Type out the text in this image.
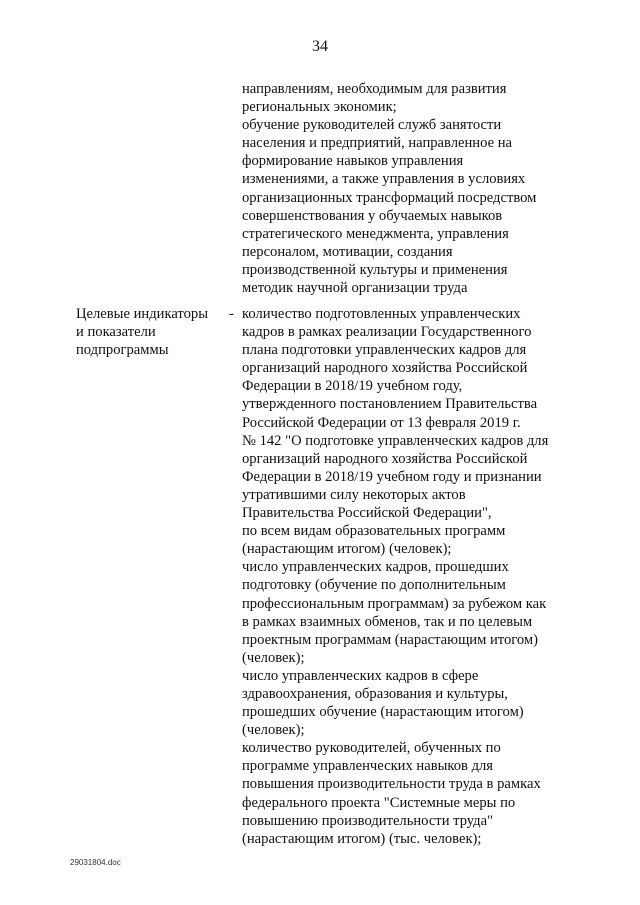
34
направлениям, необходимым для развития
региональных экономик;
обучение руководителей служб занятости
населения и предприятий, направленное на
формирование навыков управления
изменениями, а также управления в условиях
организационных трансформаций посредством
совершенствования у обучаемых навыков
стратегического менеджмента, управления
персоналом, мотивации, создания
производственной культуры и применения
методик научной организации труда
Целевые индикаторы
и показатели
подпрограммы
- количество подготовленных управленческих
кадров в рамках реализации Государственного
плана подготовки управленческих кадров для
организаций народного хозяйства Российской
Федерации в 2018/19 учебном году,
утвержденного постановлением Правительства
Российской Федерации от 13 февраля 2019 г.
№ 142 "О подготовке управленческих кадров для
организаций народного хозяйства Российской
Федерации в 2018/19 учебном году и признании
утратившими силу некоторых актов
Правительства Российской Федерации",
по всем видам образовательных программ
(нарастающим итогом) (человек);
число управленческих кадров, прошедших
подготовку (обучение по дополнительным
профессиональным программам) за рубежом как
в рамках взаимных обменов, так и по целевым
проектным программам (нарастающим итогом)
(человек);
число управленческих кадров в сфере
здравоохранения, образования и культуры,
прошедших обучение (нарастающим итогом)
(человек);
количество руководителей, обученных по
программе управленческих навыков для
повышения производительности труда в рамках
федерального проекта "Системные меры по
повышению производительности труда"
(нарастающим итогом) (тыс. человек);
29031804.doc
